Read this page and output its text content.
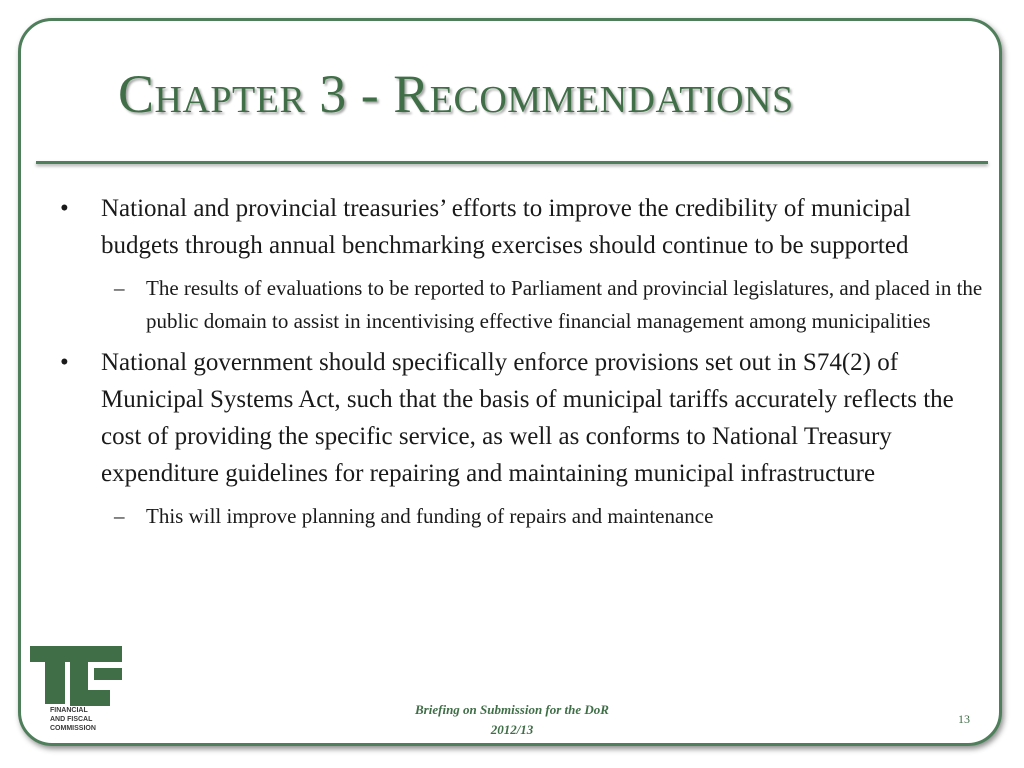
Chapter 3 - Recommendations
•	National and provincial treasuries’ efforts to improve the credibility of municipal budgets through annual benchmarking exercises should continue to be supported
– The results of evaluations to be reported to Parliament and provincial legislatures, and placed in the public domain to assist in incentivising effective financial management among municipalities
•	National government should specifically enforce provisions set out in S74(2) of Municipal Systems Act, such that the basis of municipal tariffs accurately reflects the cost of providing the specific service, as well as conforms to National Treasury expenditure guidelines for repairing and maintaining municipal infrastructure
– This will improve planning and funding of repairs and maintenance
FINANCIAL
AND FISCAL
COMMISSION
Briefing on Submission for the DoR
2012/13
13
